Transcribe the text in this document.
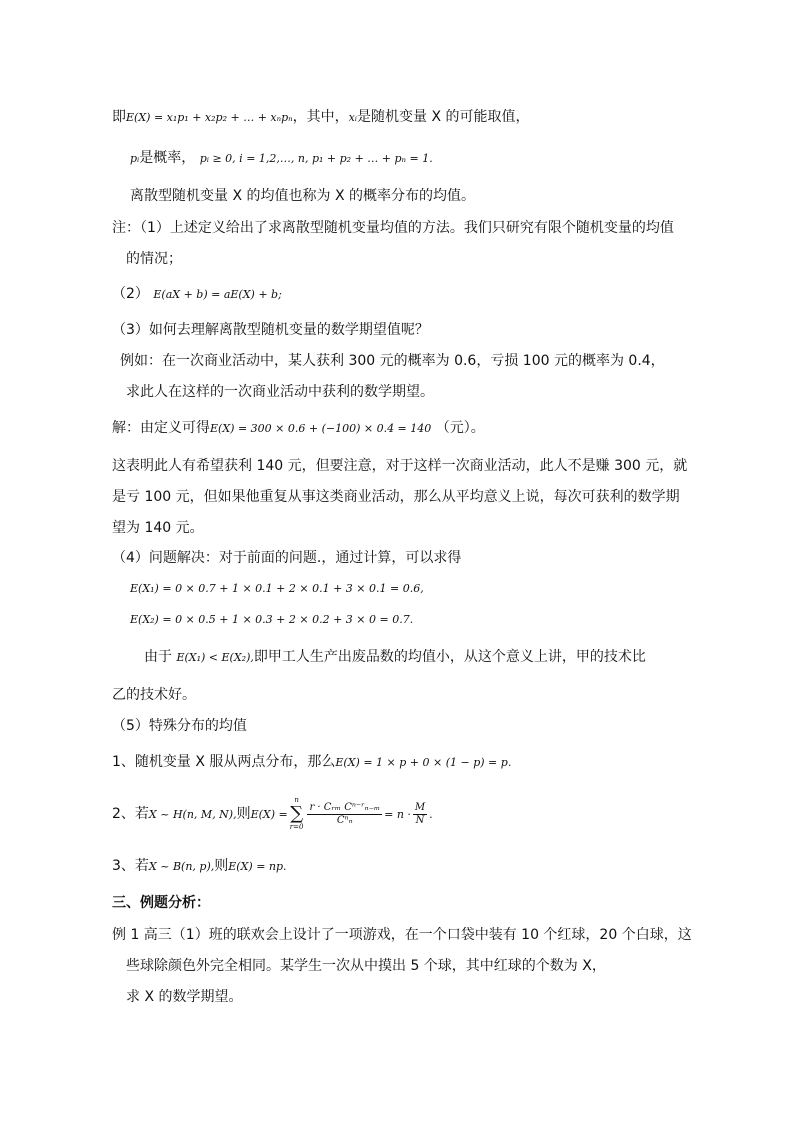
即E(X) = x₁p₁ + x₂p₂ + … + xₙpₙ，其中，xᵢ是随机变量 X 的可能取值，
pᵢ是概率， pᵢ ≥ 0, i = 1,2,…, n, p₁ + p₂ + … + pₙ = 1.
离散型随机变量 X 的均值也称为 X 的概率分布的均值。
注：（1）上述定义给出了求离散型随机变量均值的方法。我们只研究有限个随机变量的均值
的情况；
（2） E(aX + b) = aE(X) + b;
（3）如何去理解离散型随机变量的数学期望值呢？
例如：在一次商业活动中，某人获利 300 元的概率为 0.6，亏损 100 元的概率为 0.4，
求此人在这样的一次商业活动中获利的数学期望。
解：由定义可得E(X) = 300 × 0.6 + (−100) × 0.4 = 140 （元）。
这表明此人有希望获利 140 元，但要注意，对于这样一次商业活动，此人不是赚 300 元，就
是亏 100 元，但如果他重复从事这类商业活动，那么从平均意义上说，每次可获利的数学期
望为 140 元。
（4）问题解决：对于前面的问题.，通过计算，可以求得
E(X₁) = 0 × 0.7 + 1 × 0.1 + 2 × 0.1 + 3 × 0.1 = 0.6,
E(X₂) = 0 × 0.5 + 1 × 0.3 + 2 × 0.2 + 3 × 0 = 0.7.
由于 E(X₁) < E(X₂),即甲工人生产出废品数的均值小，从这个意义上讲，甲的技术比
乙的技术好。
（5）特殊分布的均值
1、随机变量 X 服从两点分布，那么E(X) = 1 × p + 0 × (1 − p) = p.
2、若X ~ H(n, M, N),则E(X) =
n
∑
r=0
$\frac{\text{r · Cᵣₘ Cⁿ⁻ʳₙ₋ₘ}}{\text{Cⁿₙ}} = n \cdot \frac{M}{N}$ .
3、若X ~ B(n, p),则E(X) = np.
三、例题分析：
例 1 高三（1）班的联欢会上设计了一项游戏，在一个口袋中装有 10 个红球，20 个白球，这
些球除颜色外完全相同。某学生一次从中摸出 5 个球，其中红球的个数为 X，
求 X 的数学期望。
